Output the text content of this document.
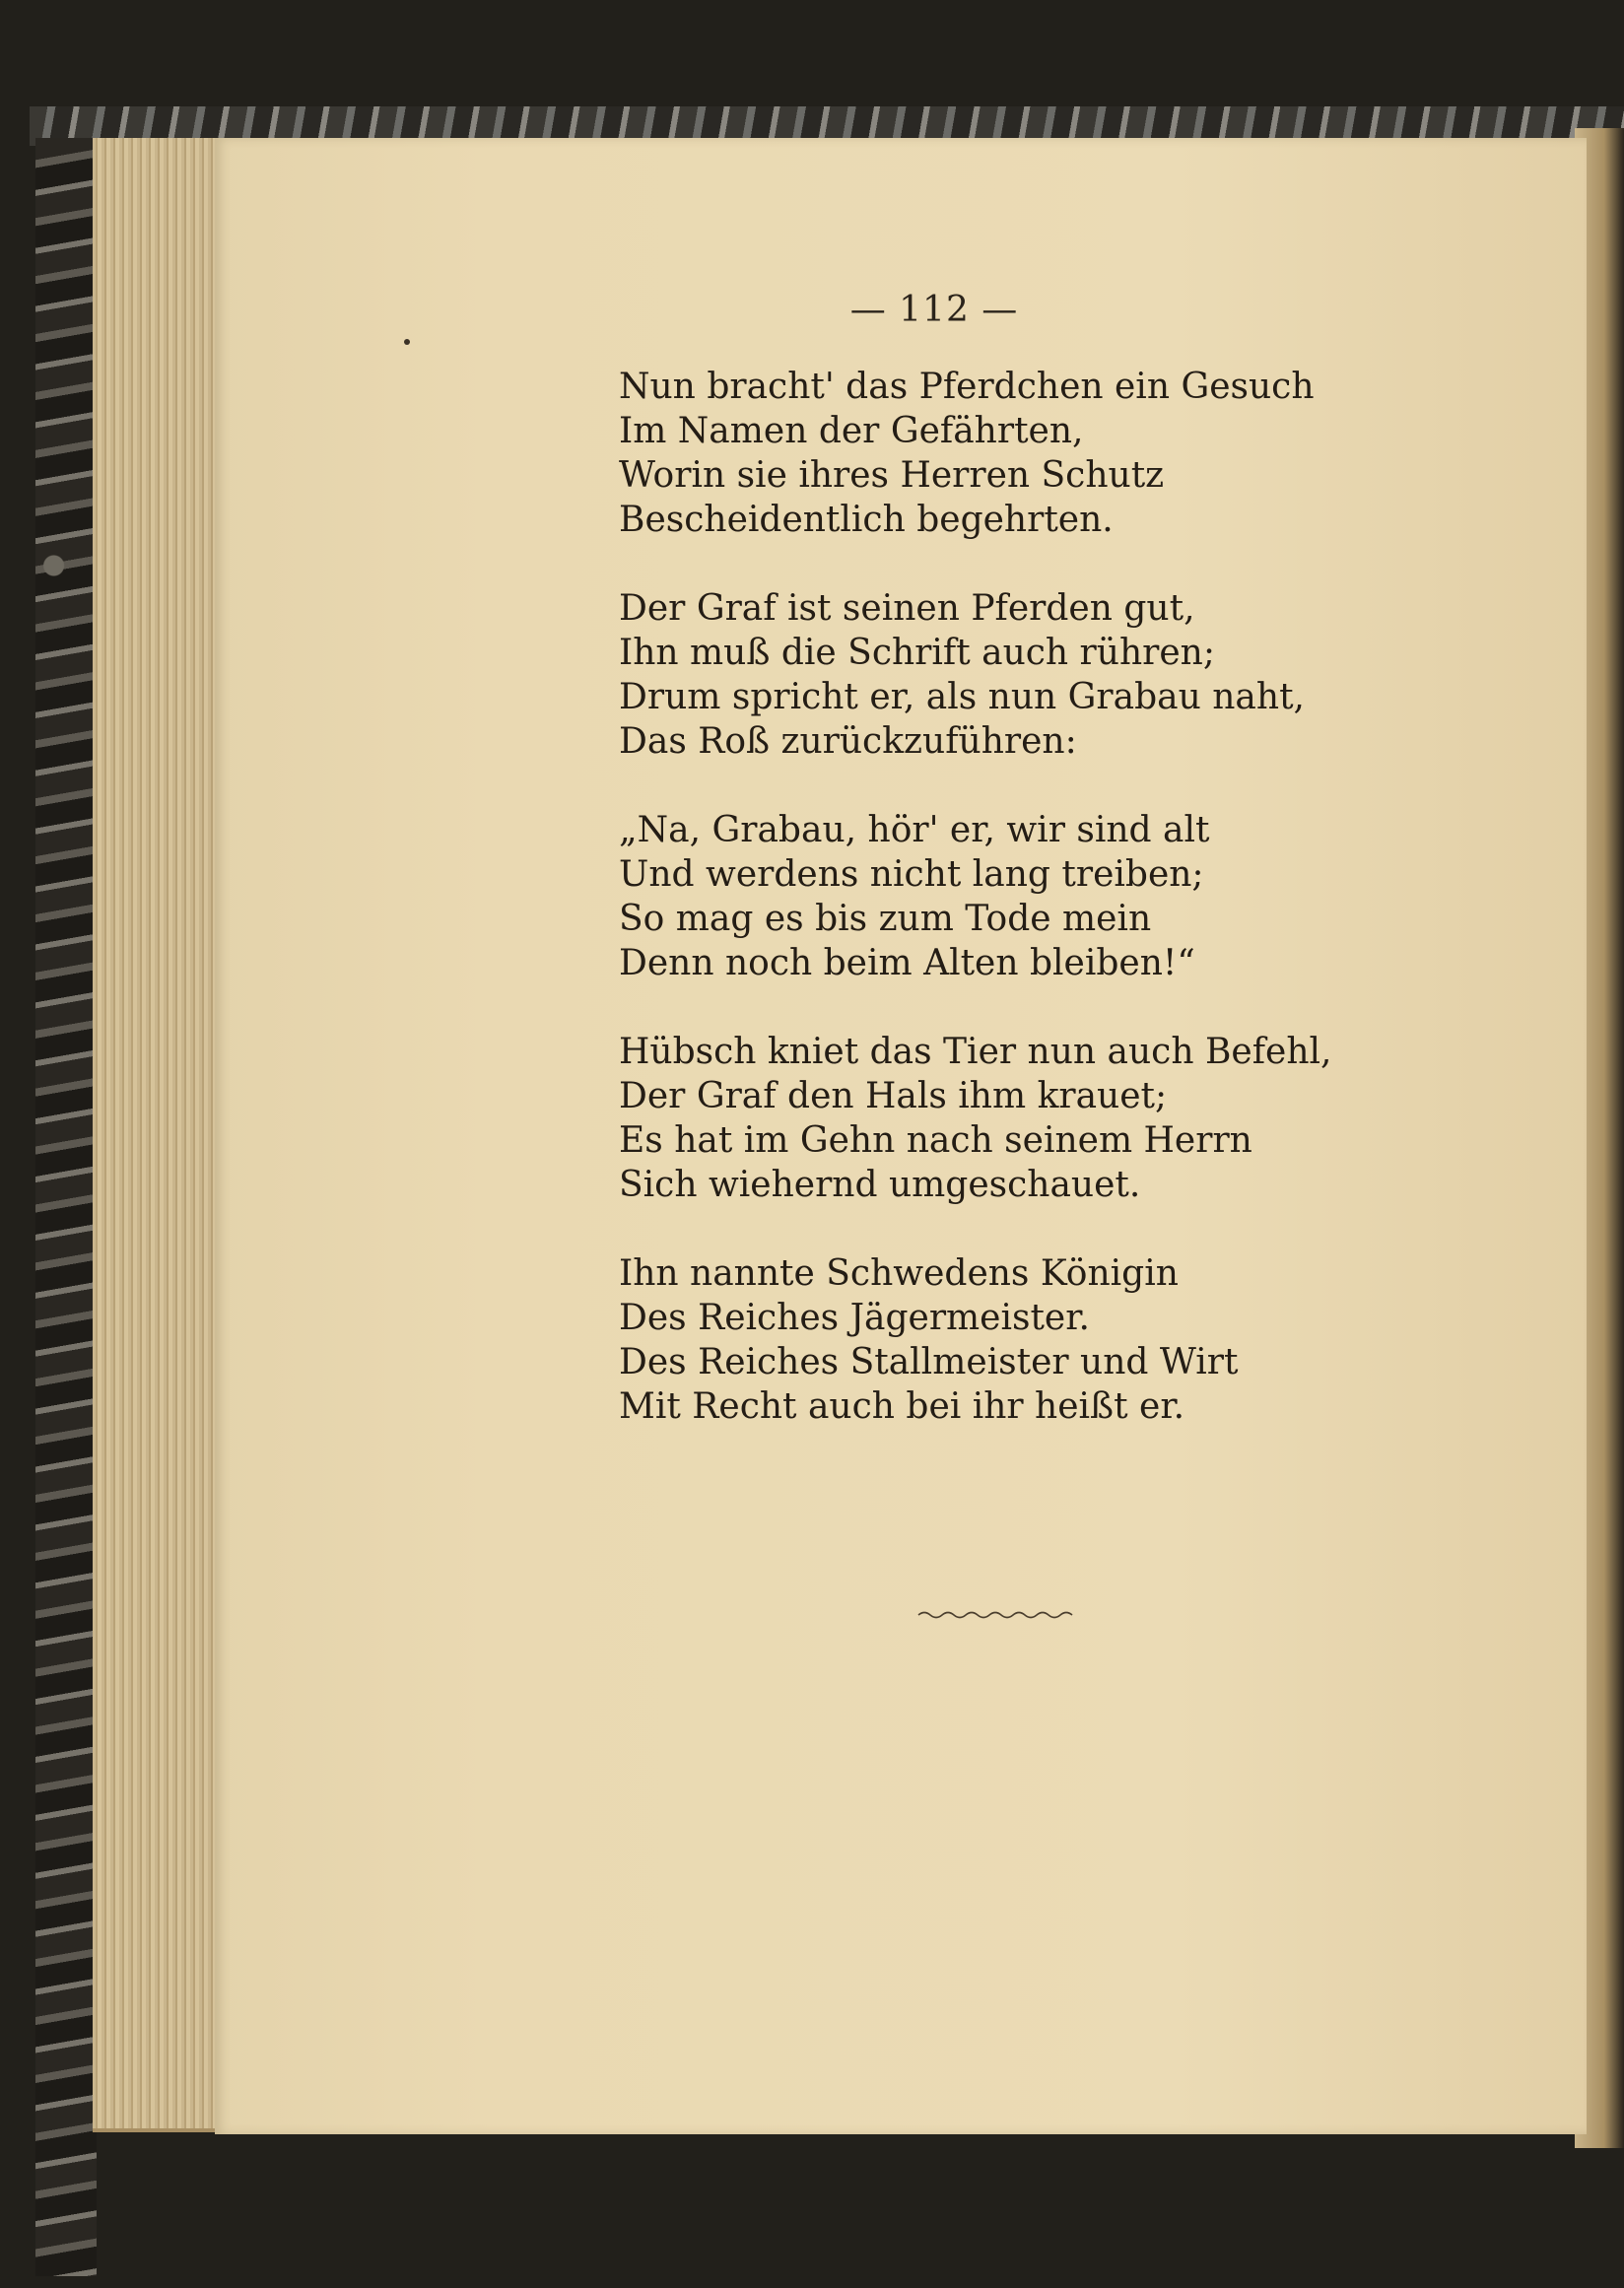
— 112 —
Nun bracht' das Pferdchen ein Gesuch
Im Namen der Gefährten,
Worin sie ihres Herren Schutz
Bescheidentlich begehrten.
Der Graf ist seinen Pferden gut,
Ihn muß die Schrift auch rühren;
Drum spricht er, als nun Grabau naht,
Das Roß zurückzuführen:
„Na, Grabau, hör' er, wir sind alt
Und werdens nicht lang treiben;
So mag es bis zum Tode mein
Denn noch beim Alten bleiben!“
Hübsch kniet das Tier nun auch Befehl,
Der Graf den Hals ihm krauet;
Es hat im Gehn nach seinem Herrn
Sich wiehernd umgeschauet.
Ihn nannte Schwedens Königin
Des Reiches Jägermeister.
Des Reiches Stallmeister und Wirt
Mit Recht auch bei ihr heißt er.
